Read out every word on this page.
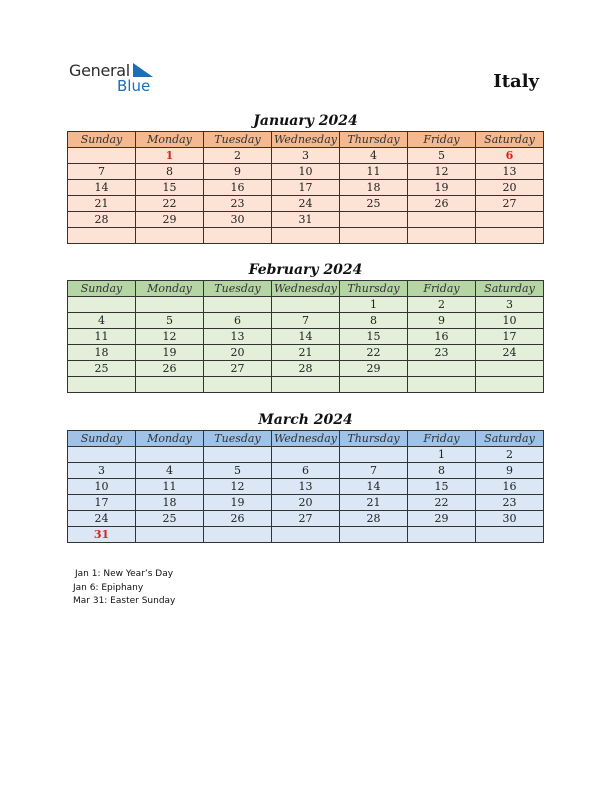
General
Blue	Italy
January 2024
Sunday	Monday	Tuesday	Wednesday	Thursday	Friday	Saturday
	1	2	3	4	5	6
7	8	9	10	11	12	13
14	15	16	17	18	19	20
21	22	23	24	25	26	27
28	29	30	31			

February 2024
Sunday	Monday	Tuesday	Wednesday	Thursday	Friday	Saturday
				1	2	3
4	5	6	7	8	9	10
11	12	13	14	15	16	17
18	19	20	21	22	23	24
25	26	27	28	29		

March 2024
Sunday	Monday	Tuesday	Wednesday	Thursday	Friday	Saturday
					1	2
3	4	5	6	7	8	9
10	11	12	13	14	15	16
17	18	19	20	21	22	23
24	25	26	27	28	29	30
31						
Jan 1: New Year’s Day
Jan 6: Epiphany
Mar 31: Easter Sunday
